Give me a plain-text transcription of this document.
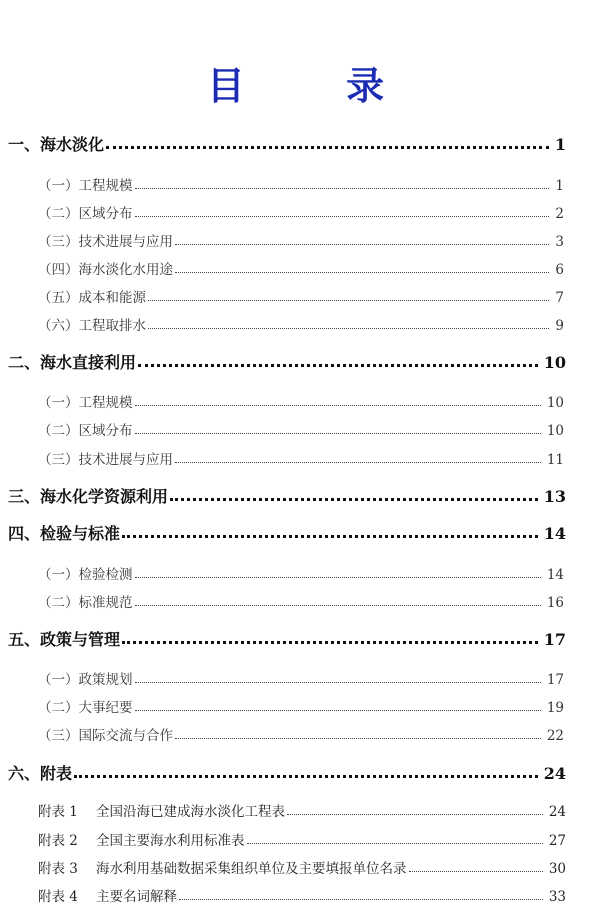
目 录
一、海水淡化	1
（一）工程规模	1
（二）区域分布	2
（三）技术进展与应用	3
（四）海水淡化水用途	6
（五）成本和能源	7
（六）工程取排水	9
二、海水直接利用	10
（一）工程规模	10
（二）区域分布	10
（三）技术进展与应用	11
三、海水化学资源利用	13
四、检验与标准	14
（一）检验检测	14
（二）标准规范	16
五、政策与管理	17
（一）政策规划	17
（二）大事纪要	19
（三）国际交流与合作	22
六、附表	24
附表 1 全国沿海已建成海水淡化工程表	24
附表 2 全国主要海水利用标准表	27
附表 3 海水利用基础数据采集组织单位及主要填报单位名录	30
附表 4 主要名词解释	33
